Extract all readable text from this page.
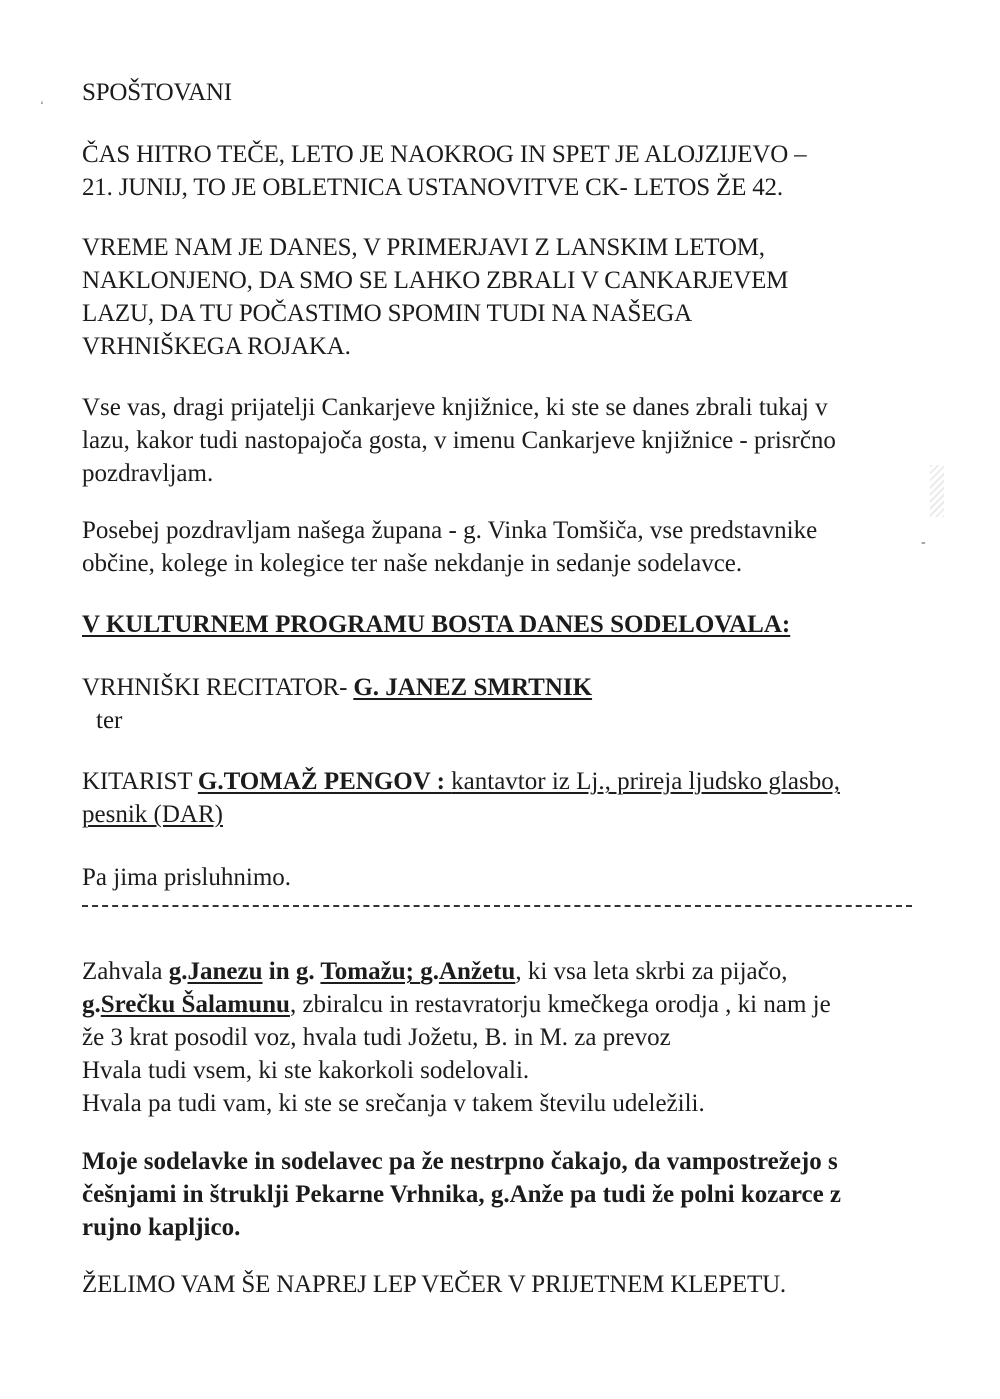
ʻ
-

SPOŠTOVANI

ČAS HITRO TEČE, LETO JE NAOKROG IN SPET JE ALOJZIJEVO –
21. JUNIJ, TO JE OBLETNICA USTANOVITVE CK- LETOS ŽE 42.

VREME NAM JE DANES, V PRIMERJAVI Z LANSKIM LETOM,
NAKLONJENO, DA SMO SE LAHKO ZBRALI V CANKARJEVEM
LAZU, DA TU POČASTIMO SPOMIN TUDI NA NAŠEGA
VRHNIŠKEGA ROJAKA.

Vse vas, dragi prijatelji Cankarjeve knjižnice, ki ste se danes zbrali tukaj v
lazu, kakor tudi nastopajoča gosta, v imenu Cankarjeve knjižnice - prisrčno
pozdravljam.

Posebej pozdravljam našega župana - g. Vinka Tomšiča, vse predstavnike
občine, kolege in kolegice ter naše nekdanje in sedanje sodelavce.

V KULTURNEM PROGRAMU BOSTA DANES SODELOVALA:

VRHNIŠKI RECITATOR- G. JANEZ SMRTNIK
ter

KITARIST G.TOMAŽ PENGOV : kantavtor iz Lj., prireja ljudsko glasbo,
pesnik (DAR)

Pa jima prisluhnimo.

Zahvala g.Janezu in g. Tomažu; g.Anžetu, ki vsa leta skrbi za pijačo,
g.Srečku Šalamunu, zbiralcu in restavratorju kmečkega orodja , ki nam je
že 3 krat posodil voz, hvala tudi Jožetu, B. in M. za prevoz
Hvala tudi vsem, ki ste kakorkoli sodelovali.
Hvala pa tudi vam, ki ste se srečanja v takem številu udeležili.

Moje sodelavke in sodelavec pa že nestrpno čakajo, da vampostrežejo s
češnjami in štruklji Pekarne Vrhnika, g.Anže pa tudi že polni kozarce z
rujno kapljico.

ŽELIMO VAM ŠE NAPREJ LEP VEČER V PRIJETNEM KLEPETU.
